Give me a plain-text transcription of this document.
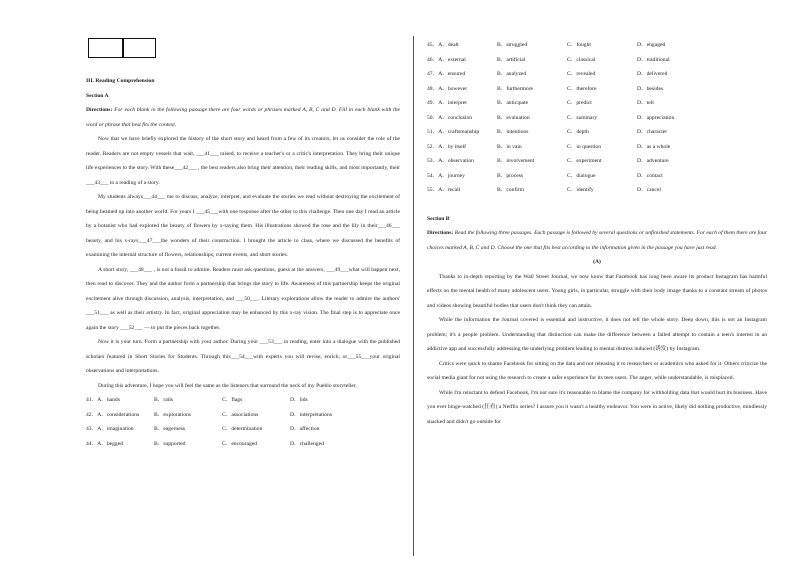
III. Reading Comprehension
Section A
Directions: For each blank in the following passage there are four words or phrases marked A, B, C and D. Fill in each blank with the word or phrase that best fits the context.
Now that we have briefly explored the history of the short story and heard from a few of its creators, let us consider the role of the reader. Readers are not empty vessels that wait, ___41___ raised, to receive a teacher's or a critic's interpretation. They bring their unique life experiences to the story. With these___42___ , the best readers also bring their attention, their reading skills, and most importantly, their ___43___ to a reading of a story.
My students always___44___ me to discuss, analyze, interpret, and evaluate the stories we read without destroying the excitement of being beamed up into another world. For years I ___45___with one response after the other to this challenge. Then one day I read an article by a botanist who had explored the beauty of flowers by x-raying them. His illustrations showed the rose and the lily in their___46___ beauty, and his x-rays___47___the wonders of their construction. I brought the article to class, where we discussed the benefits of examining the internal structure of flowers, relationships, current events, and short stories.
A short story, ___48___ , is not a fossil to admire. Readers must ask questions, guess at the answers, ___49___what will happen next, then read to discover. They and the author form a partnership that brings the story to life. Awareness of this partnership keeps the original excitement alive through discussion, analysis, interpretation, and ___50___. Literary explorations allow the reader to admire the authors' ___51___ as well as their artistry. In fact, original appreciation may be enhanced by this x-ray vision. The final step is to appreciate once again the story ___52___ — to put the pieces back together.
Now it is your turn. Form a partnership with your author. During your ___53___ in reading, enter into a dialogue with the published scholars featured in Short Stories for Students. Through this___54___with experts you will revise, enrich, or___55___your original observations and interpretations.
During this adventure, I hope you will feel the same as the listeners that surround the neck of my Pueblo storyteller.
41．A．hands	B．rails	C．flags	D．lids
42．A．considerations	B．explorations	C．associations	D．interpretations
43．A．imagination	B．eagerness	C．determination	D．affection
44．A．begged	B．supported	C．encouraged	D．challenged
45．A．dealt	B．struggled	C．fought	D．engaged
46．A．external	B．artificial	C．classical	D．traditional
47．A．ensured	B．analyzed	C．revealed	D．delivered
48．A．however	B．furthermore	C．therefore	D．besides
49．A．interpret	B．anticipate	C．predict	D．tell
50．A．conclusion	B．evaluation	C．summary	D．appreciation
51．A．craftsmanship	B．intentions	C．depth	D．character
52．A．by itself	B．in vain	C．in question	D．as a whole
53．A．observation	B．involvement	C．experiment	D．adventure
54．A．journey	B．process	C．dialogue	D．contact
55．A．recall	B．confirm	C．identify	D．cancel
Section B
Directions: Read the following three passages. Each passage is followed by several questions or unfinished statements. For each of them there are four choices marked A, B, C and D. Choose the one that fits best according to the information given in the passage you have just read.
(A)
Thanks to in-depth reporting by the Wall Street Journal, we now know that Facebook has long been aware its product Instagram has harmful effects on the mental health of many adolescent users. Young girls, in particular, struggle with their body image thanks to a constant stream of photos and videos showing beautiful bodies that users don't think they can attain.
While the information the Journal covered is essential and instructive, it does not tell the whole story. Deep down, this is not an Instagram problem; it's a people problem. Understanding that distinction can make the difference between a failed attempt to contain a teen's interest in an addictive app and successfully addressing the underlying problem leading to mental distress induced (诱发) by Instagram.
Critics were quick to shame Facebook for sitting on the data and not releasing it to researchers or academics who asked for it. Others criticize the social media giant for not using the research to create a safer experience for its teen users. The anger, while understandable, is misplaced.
While I'm reluctant to defend Facebook, I'm not sure it's reasonable to blame the company for withholding data that would hurt its business. Have you ever binge-watched (狂看) a Netflix series? I assure you it wasn't a healthy endeavor. You were in active, likely did nothing productive, mindlessly snacked and didn't go outside for
